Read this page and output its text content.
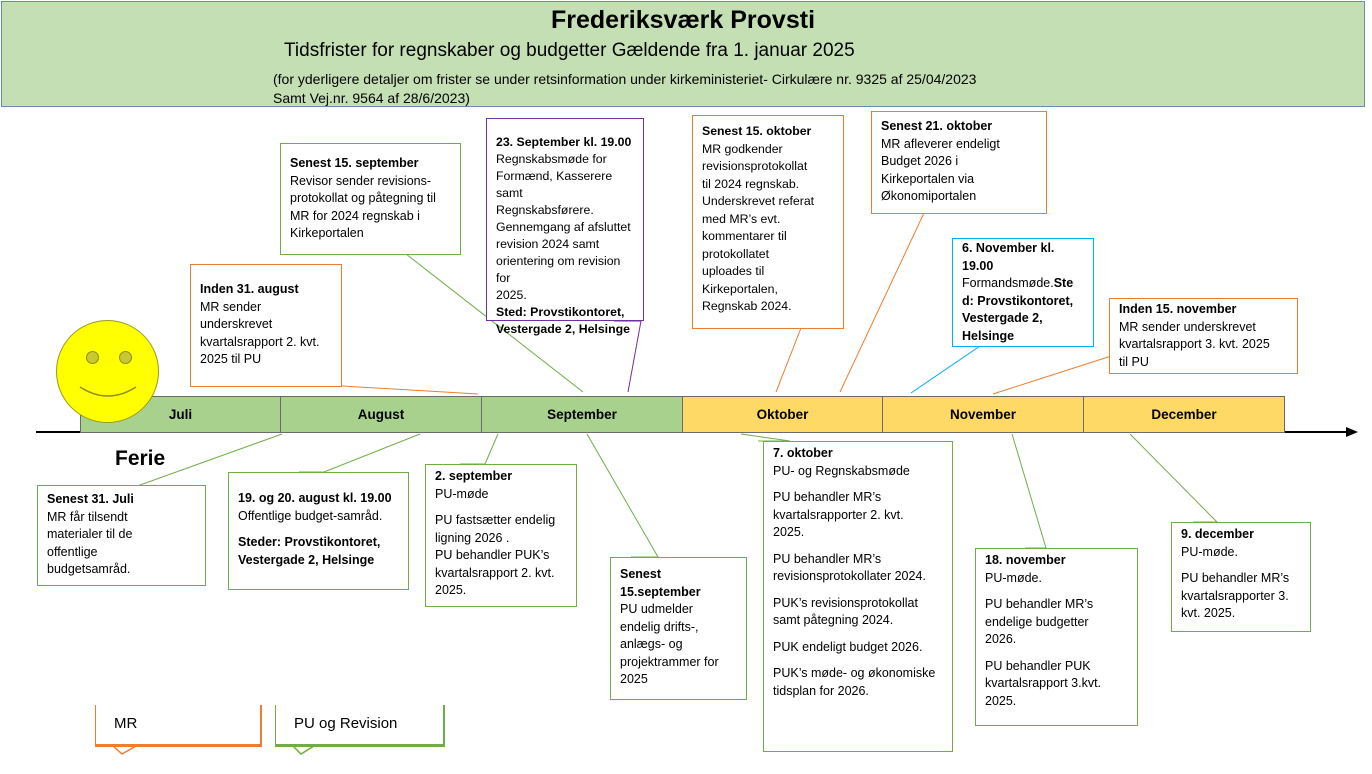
Frederiksværk Provsti
Tidsfrister for regnskaber og budgetter Gældende fra 1. januar 2025
(for yderligere detaljer om frister se under retsinformation under kirkeministeriet- Cirkulære nr. 9325 af 25/04/2023
Samt Vej.nr. 9564 af 28/6/2023)
Juli	August	September	Oktober	November	December
Ferie
Inden 31. august
MR sender
underskrevet
kvartalsrapport 2. kvt.
2025 til PU
Senest 15. september
Revisor sender revisions-
protokollat og påtegning til
MR for 2024 regnskab i
Kirkeportalen
23. September kl. 19.00
Regnskabsmøde for
Formænd, Kasserere samt
Regnskabsførere.
Gennemgang af afsluttet
revision 2024 samt
orientering om revision for
2025.
Sted: Provstikontoret,
Vestergade 2, Helsinge
Senest 15. oktober
MR godkender
revisionsprotokollat
til 2024 regnskab.
Underskrevet referat
med MR’s evt.
kommentarer til
protokollatet
uploades til
Kirkeportalen,
Regnskab 2024.
Senest 21. oktober
MR afleverer endeligt
Budget 2026 i
Kirkeportalen via
Økonomiportalen
6. November kl.
19.00
Formandsmøde.Ste
d: Provstikontoret,
Vestergade 2,
Helsinge
Inden 15. november
MR sender underskrevet
kvartalsrapport 3. kvt. 2025
til PU
Senest 31. Juli
MR får tilsendt
materialer til de
offentlige
budgetsamråd.
19. og 20. august kl. 19.00
Offentlige budget-samråd.
Steder: Provstikontoret,
Vestergade 2, Helsinge
2. september
PU-møde
PU fastsætter endelig
ligning 2026 .
PU behandler PUK’s
kvartalsrapport 2. kvt.
2025.
Senest
15.september
PU udmelder
endelig drifts-,
anlægs- og
projektrammer for
2025
7. oktober
PU- og Regnskabsmøde
PU behandler MR’s
kvartalsrapporter 2. kvt.
2025.
PU behandler MR’s
revisionsprotokollater 2024.
PUK’s revisionsprotokollat
samt påtegning 2024.
PUK endeligt budget 2026.
PUK’s møde- og økonomiske
tidsplan for 2026.
18. november
PU-møde.
PU behandler MR’s
endelige budgetter
2026.
PU behandler PUK
kvartalsrapport 3.kvt.
2025.
9. december
PU-møde.
PU behandler MR’s
kvartalsrapporter 3.
kvt. 2025.
MR	PU og Revision
